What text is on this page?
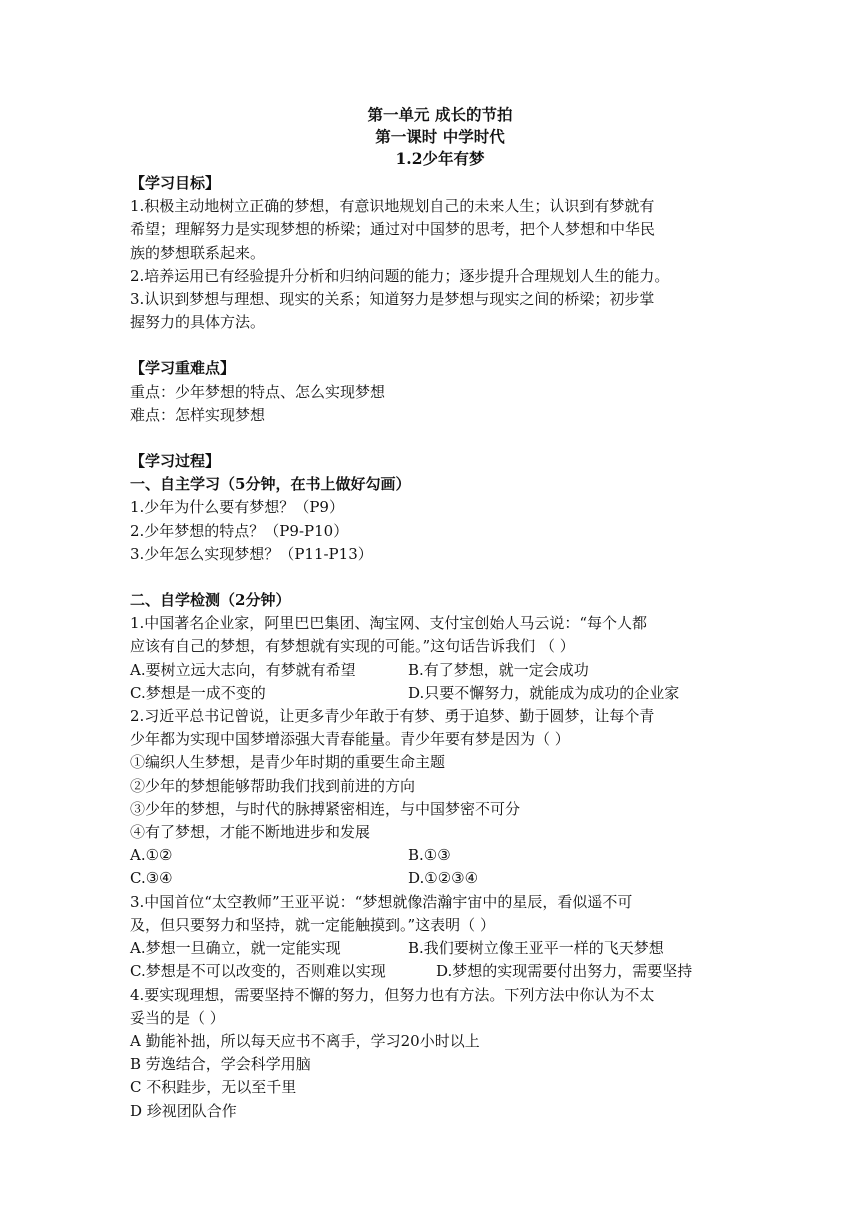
第一单元 成长的节拍
第一课时 中学时代
1.2少年有梦
【学习目标】
1.积极主动地树立正确的梦想，有意识地规划自己的未来人生；认识到有梦就有
希望；理解努力是实现梦想的桥梁；通过对中国梦的思考，把个人梦想和中华民
族的梦想联系起来。
2.培养运用已有经验提升分析和归纳问题的能力；逐步提升合理规划人生的能力。
3.认识到梦想与理想、现实的关系；知道努力是梦想与现实之间的桥梁；初步掌
握努力的具体方法。
【学习重难点】
重点：少年梦想的特点、怎么实现梦想
难点：怎样实现梦想
【学习过程】
一、自主学习（5分钟，在书上做好勾画）
1.少年为什么要有梦想？（P9）
2.少年梦想的特点？（P9-P10）
3.少年怎么实现梦想？（P11-P13）
二、自学检测（2分钟）
1.中国著名企业家，阿里巴巴集团、淘宝网、支付宝创始人马云说：“每个人都
应该有自己的梦想，有梦想就有实现的可能。”这句话告诉我们 （ ）
A.要树立远大志向，有梦就有希望	B.有了梦想，就一定会成功
C.梦想是一成不变的	D.只要不懈努力，就能成为成功的企业家
2.习近平总书记曾说，让更多青少年敢于有梦、勇于追梦、勤于圆梦，让每个青
少年都为实现中国梦增添强大青春能量。青少年要有梦是因为（ ）
①编织人生梦想，是青少年时期的重要生命主题
②少年的梦想能够帮助我们找到前进的方向
③少年的梦想，与时代的脉搏紧密相连，与中国梦密不可分
④有了梦想，才能不断地进步和发展
A.①②	B.①③
C.③④	D.①②③④
3.中国首位“太空教师”王亚平说：“梦想就像浩瀚宇宙中的星辰，看似遥不可
及，但只要努力和坚持，就一定能触摸到。”这表明（ ）
A.梦想一旦确立，就一定能实现	B.我们要树立像王亚平一样的飞天梦想
C.梦想是不可以改变的，否则难以实现	D.梦想的实现需要付出努力，需要坚持
4.要实现理想，需要坚持不懈的努力，但努力也有方法。下列方法中你认为不太
妥当的是（ ）
A 勤能补拙，所以每天应书不离手，学习20小时以上
B 劳逸结合，学会科学用脑
C 不积跬步，无以至千里
D 珍视团队合作
